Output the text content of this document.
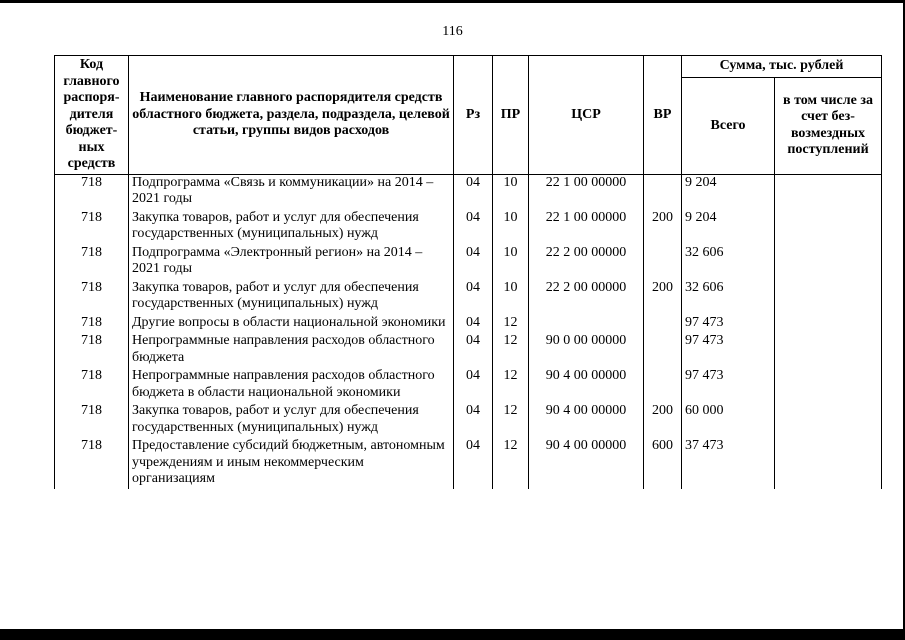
116
Код главного распоря-дителя бюджет-ных средств	Наименование главного распорядителя средств областного бюджета, раздела, подраздела, целевой статьи, группы видов расходов	Рз	ПР	ЦСР	ВР	Сумма, тыс. рублей	
						Всего	в том числе за счет без-возмездных поступлений
718	Подпрограмма «Связь и коммуникации» на 2014 – 2021 годы	04	10	22 1 00 00000		9 204	
718	Закупка товаров, работ и услуг для обеспечения государственных (муниципальных) нужд	04	10	22 1 00 00000	200	9 204	
718	Подпрограмма «Электронный регион» на 2014 – 2021 годы	04	10	22 2 00 00000		32 606	
718	Закупка товаров, работ и услуг для обеспечения государственных (муниципальных) нужд	04	10	22 2 00 00000	200	32 606	
718	Другие вопросы в области национальной экономики	04	12			97 473	
718	Непрограммные направления расходов областного бюджета	04	12	90 0 00 00000		97 473	
718	Непрограммные направления расходов областного бюджета в области национальной экономики	04	12	90 4 00 00000		97 473	
718	Закупка товаров, работ и услуг для обеспечения государственных (муниципальных) нужд	04	12	90 4 00 00000	200	60 000	
718	Предоставление субсидий бюджетным, автономным учреждениям и иным некоммерческим организациям	04	12	90 4 00 00000	600	37 473	
